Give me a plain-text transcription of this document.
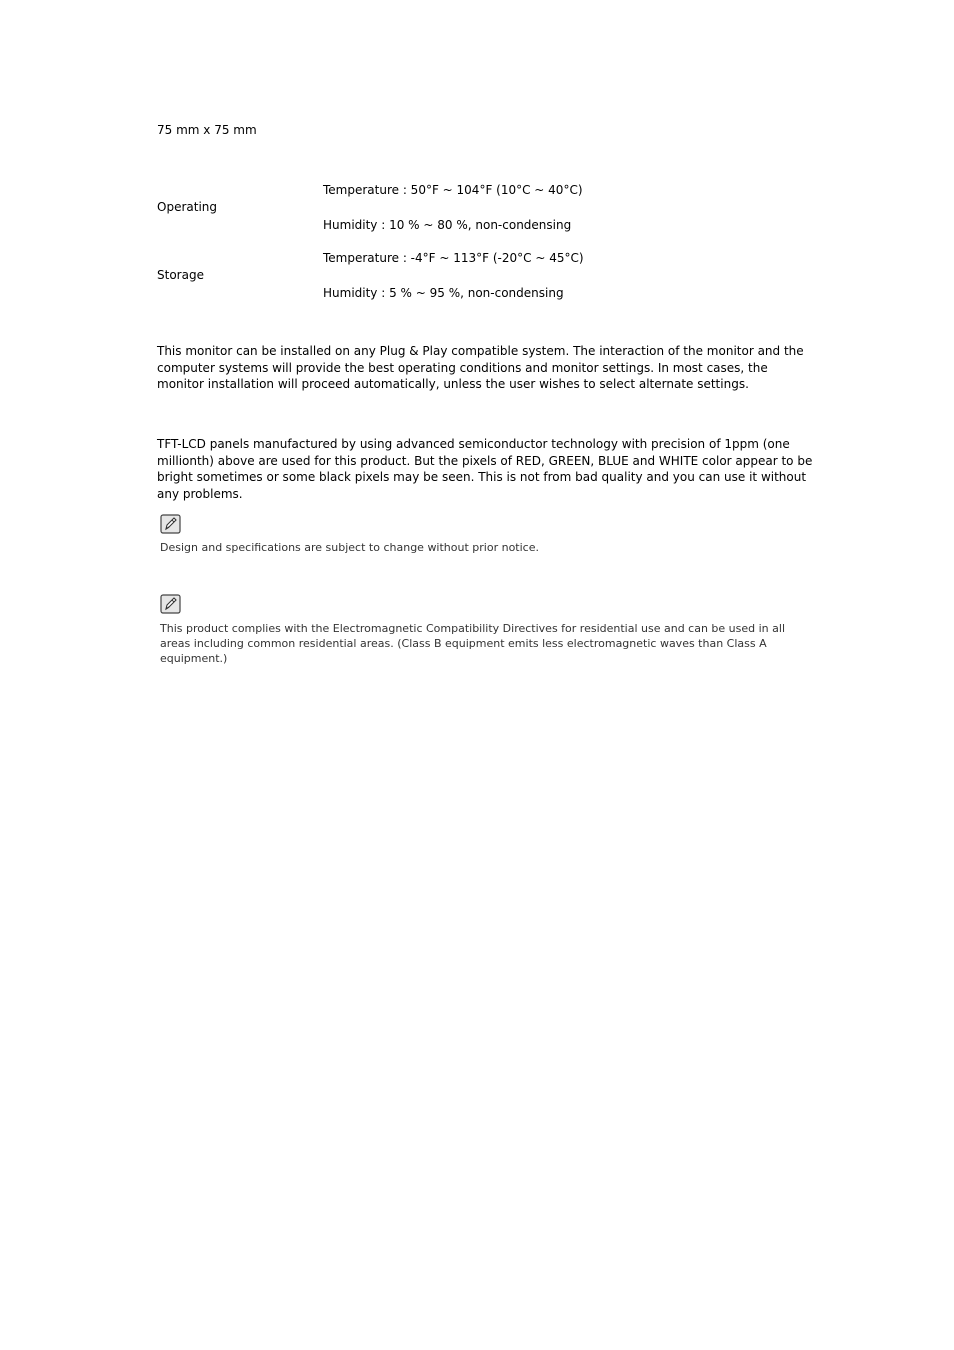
75 mm x 75 mm
Operating
Temperature : 50°F ~ 104°F (10°C ~ 40°C)
Humidity : 10 % ~ 80 %, non-condensing
Storage
Temperature : -4°F ~ 113°F (-20°C ~ 45°C)
Humidity : 5 % ~ 95 %, non-condensing
This monitor can be installed on any Plug & Play compatible system. The interaction of the monitor and the computer systems will provide the best operating conditions and monitor settings. In most cases, the monitor installation will proceed automatically, unless the user wishes to select alternate settings.
TFT-LCD panels manufactured by using advanced semiconductor technology with precision of 1ppm (one millionth) above are used for this product. But the pixels of RED, GREEN, BLUE and WHITE color appear to be bright sometimes or some black pixels may be seen. This is not from bad quality and you can use it without any problems.
Design and specifications are subject to change without prior notice.
This product complies with the Electromagnetic Compatibility Directives for residential use and can be used in all areas including common residential areas. (Class B equipment emits less electromagnetic waves than Class A equipment.)
